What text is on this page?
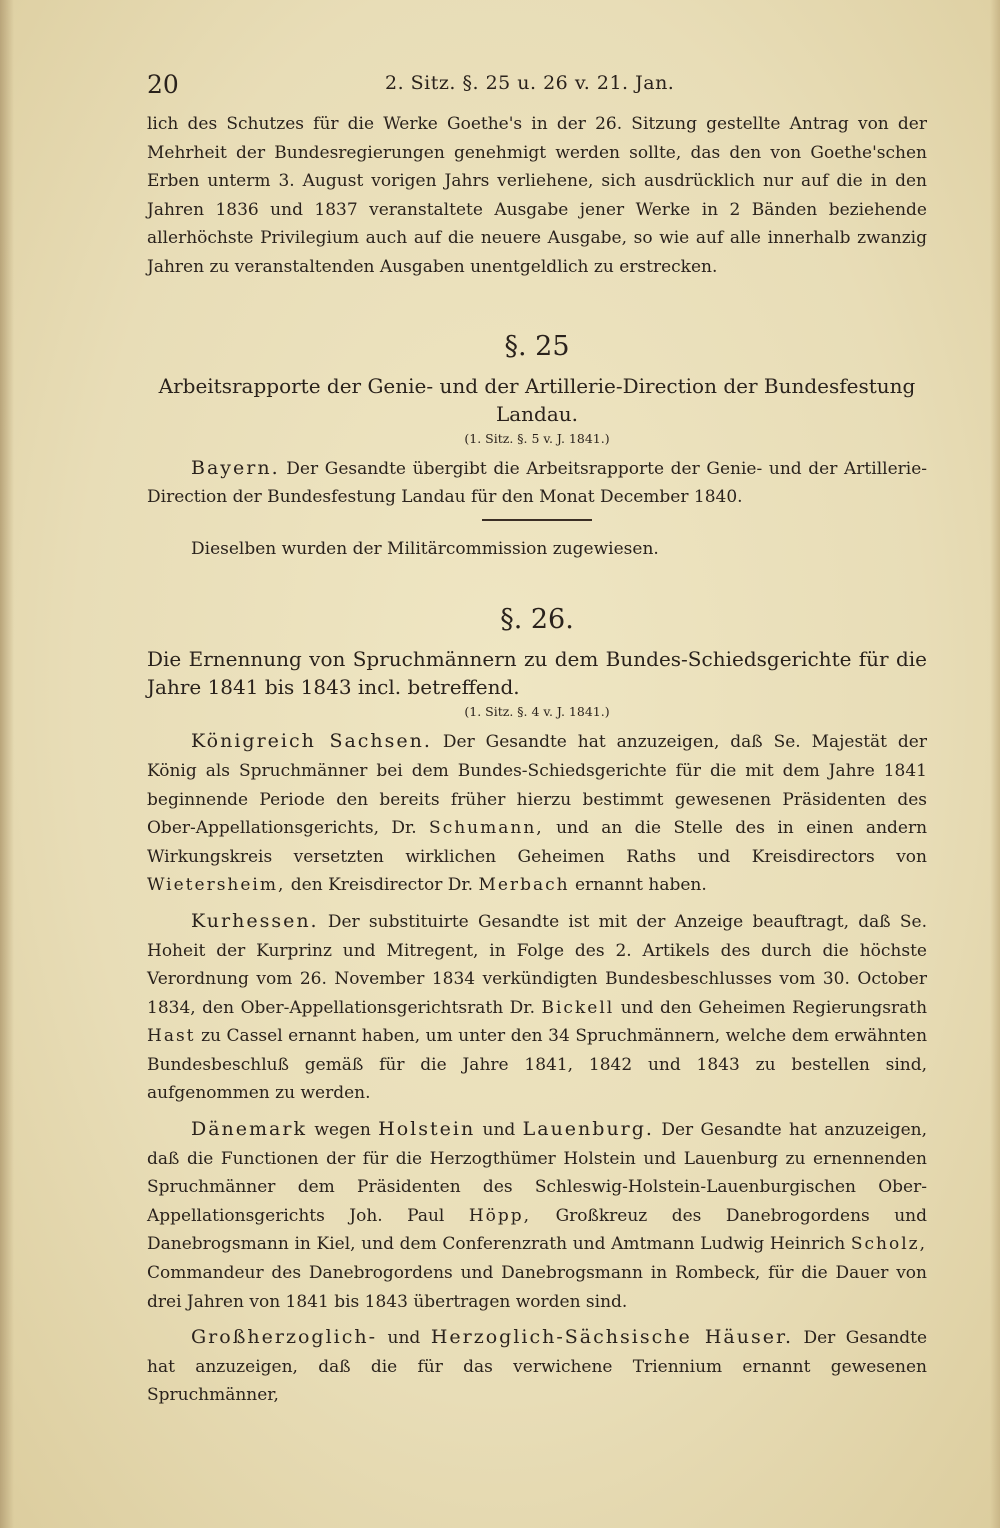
20	2. Sitz. §. 25 u. 26 v. 21. Jan.

lich des Schutzes für die Werke Goethe's in der 26. Sitzung gestellte Antrag von der Mehrheit der Bundesregierungen genehmigt werden sollte, das den von Goethe'schen Erben unterm 3. August vorigen Jahrs verliehene, sich ausdrücklich nur auf die in den Jahren 1836 und 1837 veranstaltete Ausgabe jener Werke in 2 Bänden beziehende allerhöchste Privilegium auch auf die neuere Ausgabe, so wie auf alle innerhalb zwanzig Jahren zu veranstaltenden Ausgaben unentgeldlich zu erstrecken.

§. 25
Arbeitsrapporte der Genie- und der Artillerie-Direction der Bundesfestung Landau.
(1. Sitz. §. 5 v. J. 1841.)

Bayern. Der Gesandte übergibt die Arbeitsrapporte der Genie- und der Artillerie-Direction der Bundesfestung Landau für den Monat December 1840.

Dieselben wurden der Militärcommission zugewiesen.

§. 26.
Die Ernennung von Spruchmännern zu dem Bundes-Schiedsgerichte für die Jahre 1841 bis 1843 incl. betreffend.
(1. Sitz. §. 4 v. J. 1841.)

Königreich Sachsen. Der Gesandte hat anzuzeigen, daß Se. Majestät der König als Spruchmänner bei dem Bundes-Schiedsgerichte für die mit dem Jahre 1841 beginnende Periode den bereits früher hierzu bestimmt gewesenen Präsidenten des Ober-Appellationsgerichts, Dr. Schumann, und an die Stelle des in einen andern Wirkungskreis versetzten wirklichen Geheimen Raths und Kreisdirectors von Wietersheim, den Kreisdirector Dr. Merbach ernannt haben.

Kurhessen. Der substituirte Gesandte ist mit der Anzeige beauftragt, daß Se. Hoheit der Kurprinz und Mitregent, in Folge des 2. Artikels des durch die höchste Verordnung vom 26. November 1834 verkündigten Bundesbeschlusses vom 30. October 1834, den Ober-Appellationsgerichtsrath Dr. Bickell und den Geheimen Regierungsrath Hast zu Cassel ernannt haben, um unter den 34 Spruchmännern, welche dem erwähnten Bundesbeschluß gemäß für die Jahre 1841, 1842 und 1843 zu bestellen sind, aufgenommen zu werden.

Dänemark wegen Holstein und Lauenburg. Der Gesandte hat anzuzeigen, daß die Functionen der für die Herzogthümer Holstein und Lauenburg zu ernennenden Spruchmänner dem Präsidenten des Schleswig-Holstein-Lauenburgischen Ober-Appellationsgerichts Joh. Paul Höpp, Großkreuz des Danebrogordens und Danebrogsmann in Kiel, und dem Conferenzrath und Amtmann Ludwig Heinrich Scholz, Commandeur des Danebrogordens und Danebrogsmann in Rombeck, für die Dauer von drei Jahren von 1841 bis 1843 übertragen worden sind.

Großherzoglich- und Herzoglich-Sächsische Häuser. Der Gesandte hat anzuzeigen, daß die für das verwichene Triennium ernannt gewesenen Spruchmänner,
